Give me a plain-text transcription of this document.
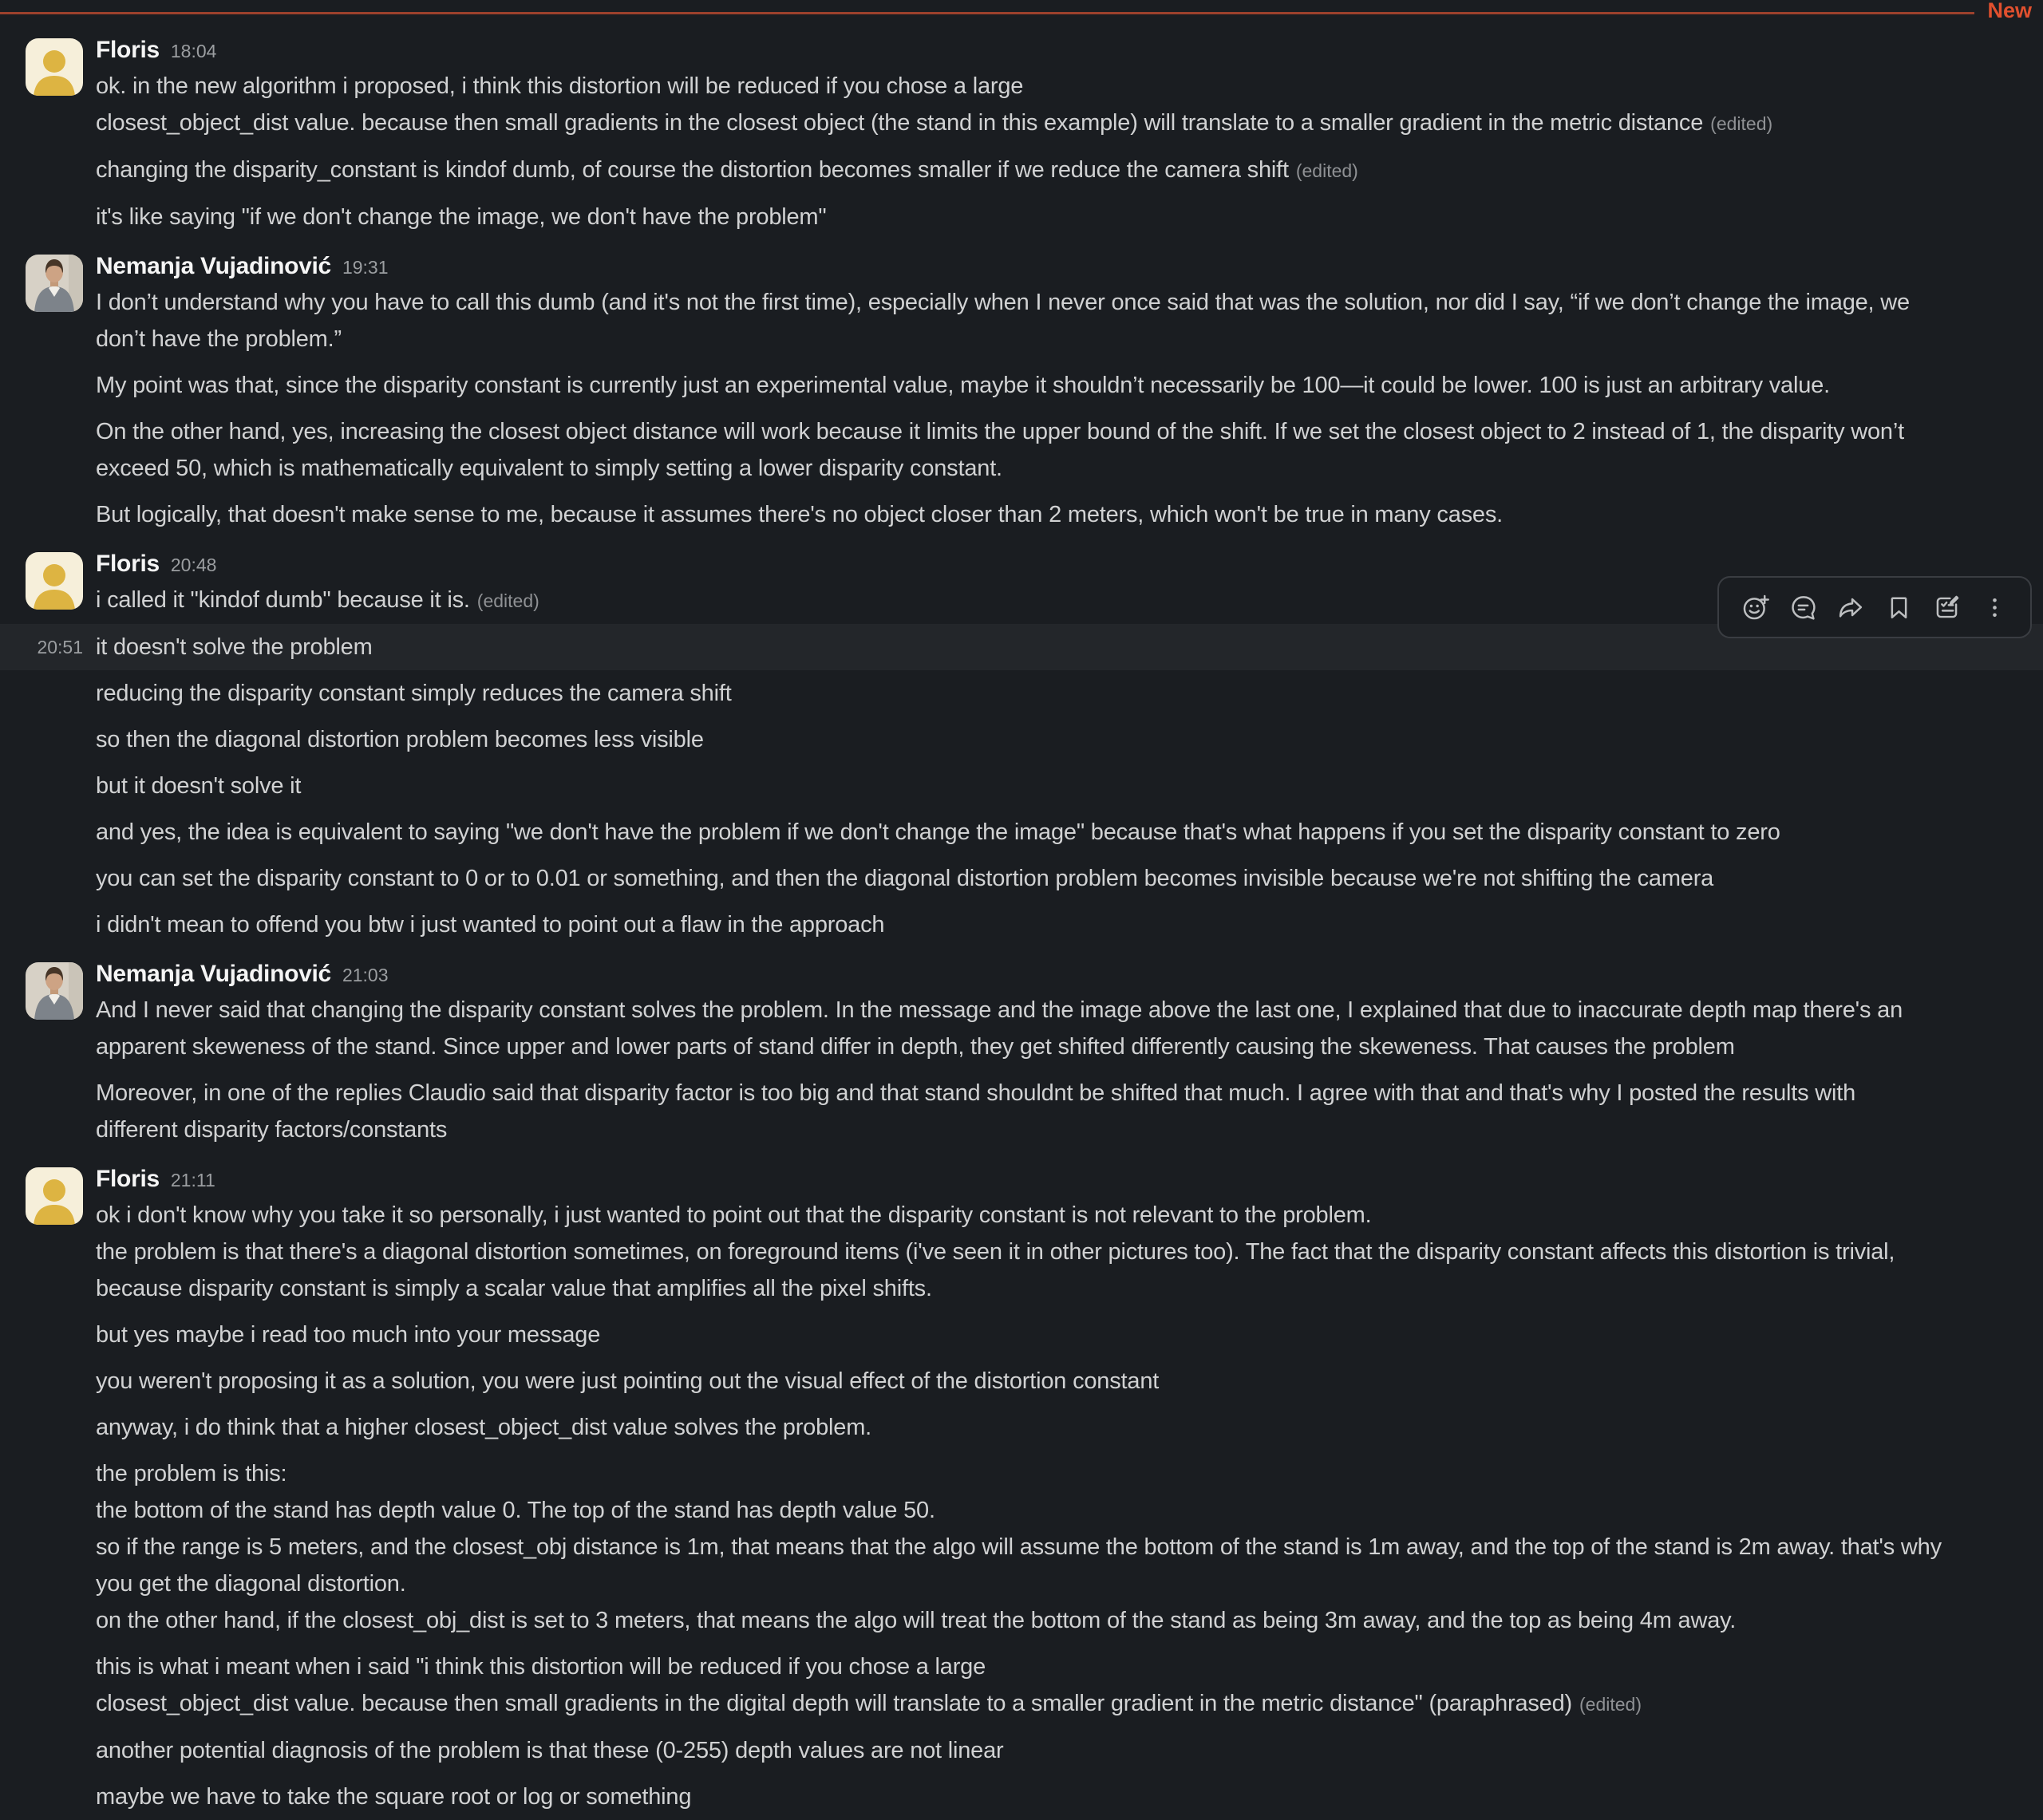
New
Floris 18:04
ok. in the new algorithm i proposed, i think this distortion will be reduced if you chose a large
closest_object_dist value. because then small gradients in the closest object (the stand in this example) will translate to a smaller gradient in the metric distance (edited)
changing the disparity_constant is kindof dumb, of course the distortion becomes smaller if we reduce the camera shift (edited)
it's like saying "if we don't change the image, we don't have the problem"
Nemanja Vujadinović 19:31
I don’t understand why you have to call this dumb (and it's not the first time), especially when I never once said that was the solution, nor did I say, “if we don’t change the image, we
don’t have the problem.”
My point was that, since the disparity constant is currently just an experimental value, maybe it shouldn’t necessarily be 100—it could be lower. 100 is just an arbitrary value.
On the other hand, yes, increasing the closest object distance will work because it limits the upper bound of the shift. If we set the closest object to 2 instead of 1, the disparity won’t
exceed 50, which is mathematically equivalent to simply setting a lower disparity constant.
But logically, that doesn't make sense to me, because it assumes there's no object closer than 2 meters, which won't be true in many cases.
Floris 20:48
i called it "kindof dumb" because it is. (edited)
20:51 it doesn't solve the problem
reducing the disparity constant simply reduces the camera shift
so then the diagonal distortion problem becomes less visible
but it doesn't solve it
and yes, the idea is equivalent to saying "we don't have the problem if we don't change the image" because that's what happens if you set the disparity constant to zero
you can set the disparity constant to 0 or to 0.01 or something, and then the diagonal distortion problem becomes invisible because we're not shifting the camera
i didn't mean to offend you btw i just wanted to point out a flaw in the approach
Nemanja Vujadinović 21:03
And I never said that changing the disparity constant solves the problem. In the message and the image above the last one, I explained that due to inaccurate depth map there's an
apparent skeweness of the stand. Since upper and lower parts of stand differ in depth, they get shifted differently causing the skeweness. That causes the problem
Moreover, in one of the replies Claudio said that disparity factor is too big and that stand shouldnt be shifted that much. I agree with that and that's why I posted the results with
different disparity factors/constants
Floris 21:11
ok i don't know why you take it so personally, i just wanted to point out that the disparity constant is not relevant to the problem.
the problem is that there's a diagonal distortion sometimes, on foreground items (i've seen it in other pictures too). The fact that the disparity constant affects this distortion is trivial,
because disparity constant is simply a scalar value that amplifies all the pixel shifts.
but yes maybe i read too much into your message
you weren't proposing it as a solution, you were just pointing out the visual effect of the distortion constant
anyway, i do think that a higher closest_object_dist value solves the problem.
the problem is this:
the bottom of the stand has depth value 0. The top of the stand has depth value 50.
so if the range is 5 meters, and the closest_obj distance is 1m, that means that the algo will assume the bottom of the stand is 1m away, and the top of the stand is 2m away. that's why
you get the diagonal distortion.
on the other hand, if the closest_obj_dist is set to 3 meters, that means the algo will treat the bottom of the stand as being 3m away, and the top as being 4m away.
this is what i meant when i said "i think this distortion will be reduced if you chose a large
closest_object_dist value. because then small gradients in the digital depth will translate to a smaller gradient in the metric distance" (paraphrased) (edited)
another potential diagnosis of the problem is that these (0-255) depth values are not linear
maybe we have to take the square root or log or something
